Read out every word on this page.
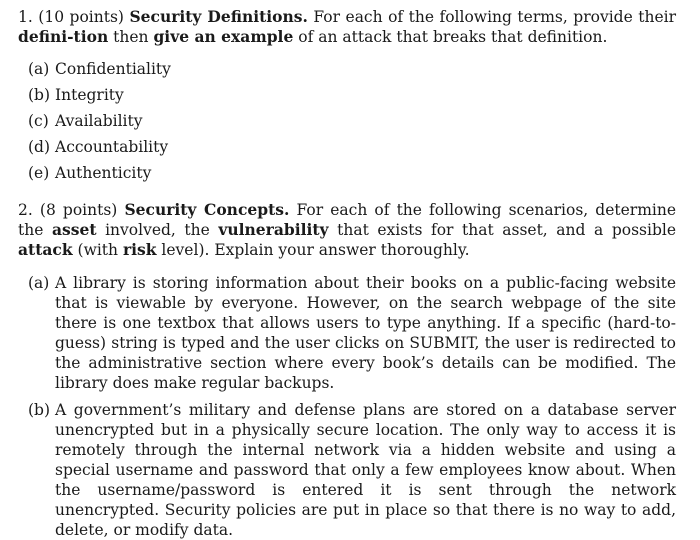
1. (10 points) Security Definitions. For each of the following terms, provide their defini-tion then give an example of an attack that breaks that definition.
(a) Confidentiality
(b) Integrity
(c) Availability
(d) Accountability
(e) Authenticity
2. (8 points) Security Concepts. For each of the following scenarios, determine the asset involved, the vulnerability that exists for that asset, and a possible attack (with risk level). Explain your answer thoroughly.
(a) A library is storing information about their books on a public-facing website that is viewable by everyone. However, on the search webpage of the site there is one textbox that allows users to type anything. If a specific (hard-to-guess) string is typed and the user clicks on SUBMIT, the user is redirected to the administrative section where every book’s details can be modified. The library does make regular backups.
(b) A government’s military and defense plans are stored on a database server unencrypted but in a physically secure location. The only way to access it is remotely through the internal network via a hidden website and using a special username and password that only a few employees know about. When the username/password is entered it is sent through the network unencrypted. Security policies are put in place so that there is no way to add, delete, or modify data.
